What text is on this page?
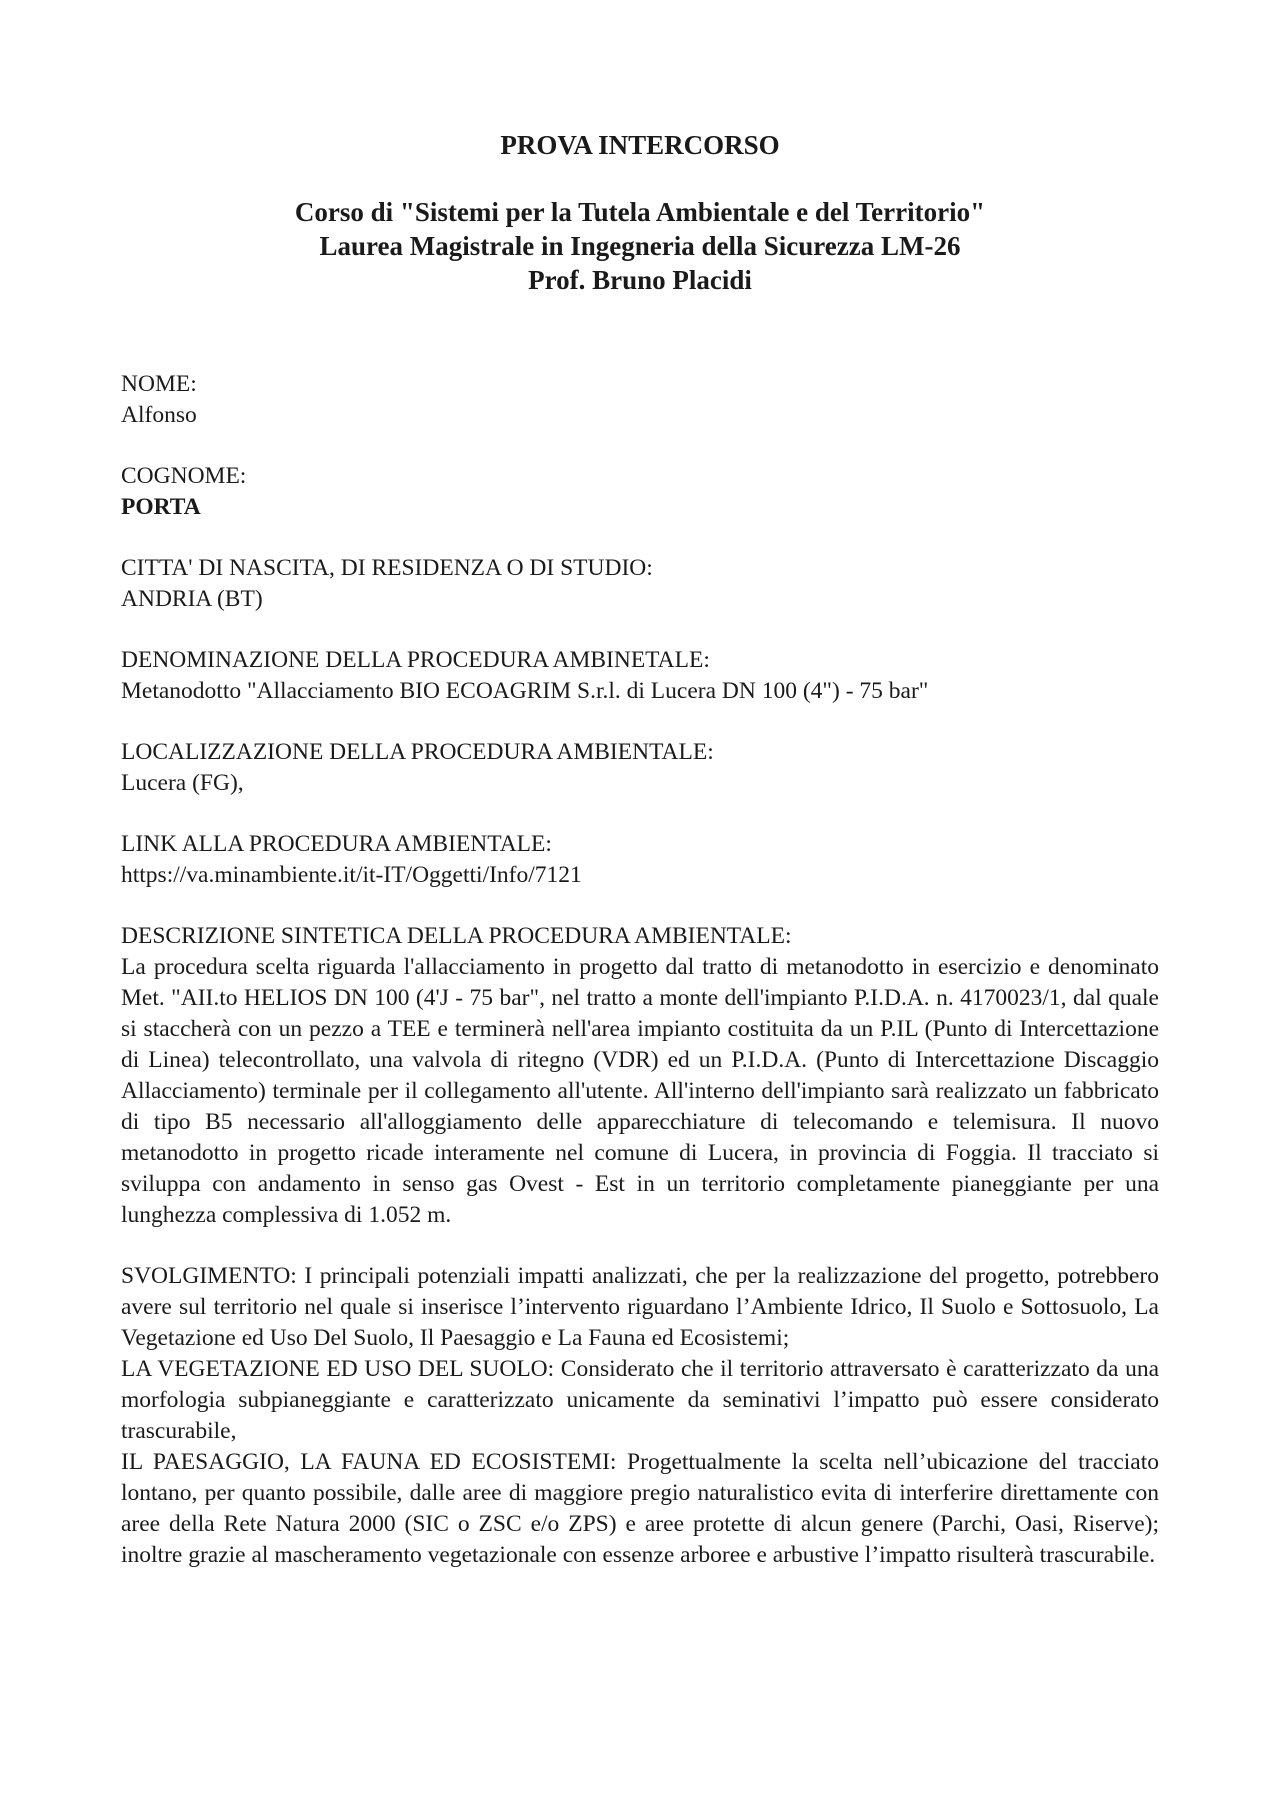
PROVA INTERCORSO
Corso di "Sistemi per la Tutela Ambientale e del Territorio"
Laurea Magistrale in Ingegneria della Sicurezza LM-26
Prof. Bruno Placidi
NOME:
Alfonso
COGNOME:
PORTA
CITTA' DI NASCITA, DI RESIDENZA O DI STUDIO:
ANDRIA (BT)
DENOMINAZIONE DELLA PROCEDURA AMBINETALE:
Metanodotto "Allacciamento BIO ECOAGRIM S.r.l. di Lucera DN 100 (4") - 75 bar"
LOCALIZZAZIONE DELLA PROCEDURA AMBIENTALE:
Lucera (FG),
LINK ALLA PROCEDURA AMBIENTALE:
https://va.minambiente.it/it-IT/Oggetti/Info/7121
DESCRIZIONE SINTETICA DELLA PROCEDURA AMBIENTALE:

La procedura scelta riguarda l'allacciamento in progetto dal tratto di metanodotto in esercizio e denominato Met. "AII.to HELIOS DN 100 (4'J - 75 bar", nel tratto a monte dell'impianto P.I.D.A. n. 4170023/1, dal quale si staccherà con un pezzo a TEE e terminerà nell'area impianto costituita da un P.IL (Punto di Intercettazione di Linea) telecontrollato, una valvola di ritegno (VDR) ed un P.I.D.A. (Punto di Intercettazione Discaggio Allacciamento) terminale per il collegamento all'utente. All'interno dell'impianto sarà realizzato un fabbricato di tipo B5 necessario all'alloggiamento delle apparecchiature di telecomando e telemisura. Il nuovo metanodotto in progetto ricade interamente nel comune di Lucera, in provincia di Foggia. Il tracciato si sviluppa con andamento in senso gas Ovest - Est in un territorio completamente pianeggiante per una lunghezza complessiva di 1.052 m.

SVOLGIMENTO: I principali potenziali impatti analizzati, che per la realizzazione del progetto, potrebbero avere sul territorio nel quale si inserisce l’intervento riguardano l’Ambiente Idrico, Il Suolo e Sottosuolo, La Vegetazione ed Uso Del Suolo, Il Paesaggio e La Fauna ed Ecosistemi;

LA VEGETAZIONE ED USO DEL SUOLO: Considerato che il territorio attraversato è caratterizzato da una morfologia subpianeggiante e caratterizzato unicamente da seminativi l’impatto può essere considerato trascurabile,

IL PAESAGGIO, LA FAUNA ED ECOSISTEMI: Progettualmente la scelta nell’ubicazione del tracciato lontano, per quanto possibile, dalle aree di maggiore pregio naturalistico evita di interferire direttamente con aree della Rete Natura 2000 (SIC o ZSC e/o ZPS) e aree protette di alcun genere (Parchi, Oasi, Riserve); inoltre grazie al mascheramento vegetazionale con essenze arboree e arbustive l’impatto risulterà trascurabile.
